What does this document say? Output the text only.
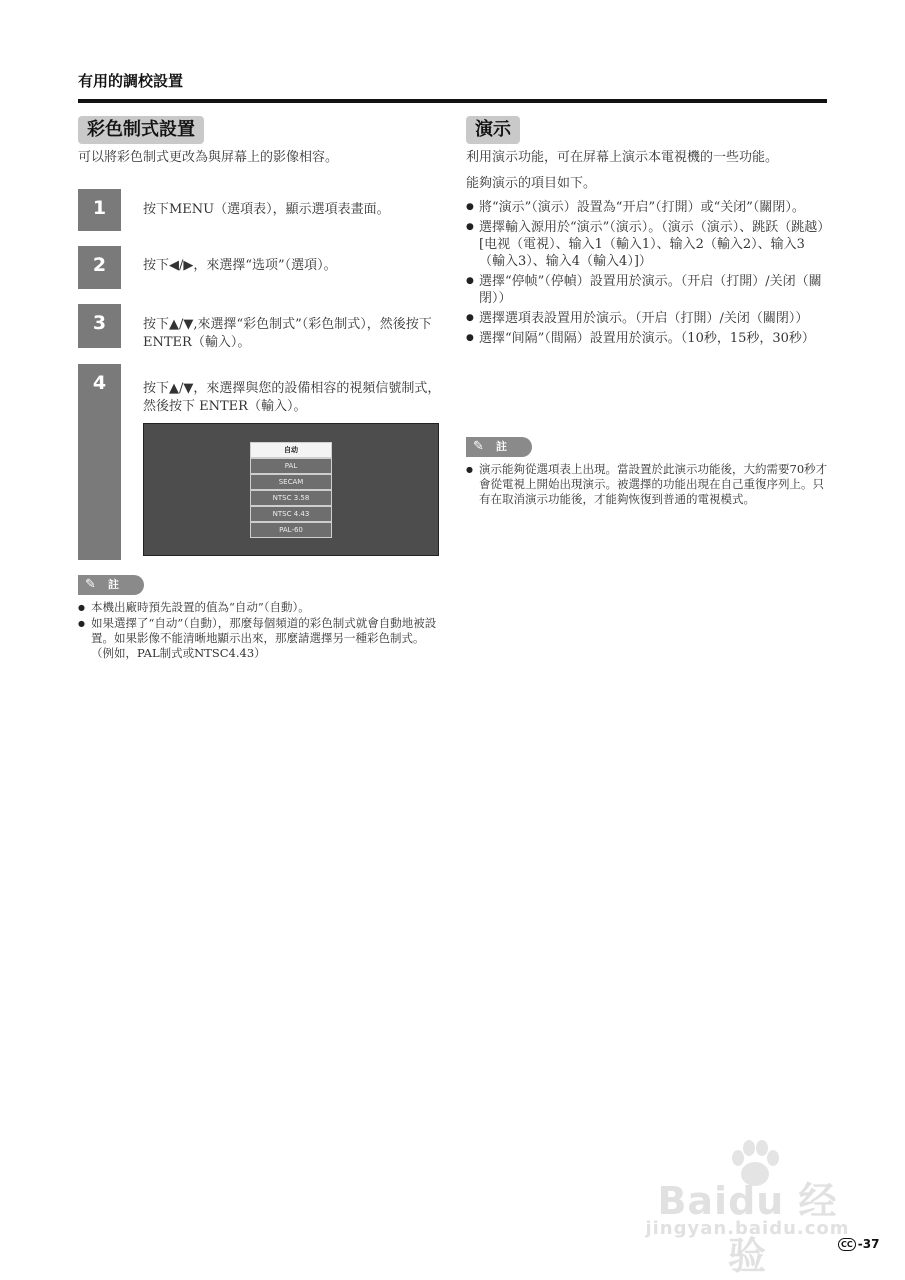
有用的調校設置
彩色制式設置
可以將彩色制式更改為與屏幕上的影像相容。
1	按下MENU（選項表），顯示選項表畫面。
2	按下◀/▶，來選擇“选项”（選項）。
3	按下▲/▼,來選擇“彩色制式”（彩色制式），然後按下 ENTER（輸入）。
4	按下▲/▼，來選擇與您的設備相容的視頻信號制式，然後按下 ENTER（輸入）。
自动
PAL
SECAM
NTSC 3.58
NTSC 4.43
PAL-60
✎ 註
● 本機出廠時預先設置的值為“自动”（自動）。
● 如果選擇了“自动”（自動），那麼每個頻道的彩色制式就會自動地被設置。如果影像不能清晰地顯示出來，那麼請選擇另一種彩色制式。（例如，PAL制式或NTSC4.43）
演示
利用演示功能，可在屏幕上演示本電視機的一些功能。
能夠演示的項目如下。
● 將“演示”（演示）設置為“开启”（打開）或“关闭”（關閉）。
● 選擇輸入源用於“演示”（演示）。（演示（演示）、跳跃（跳越）[电视（電視）、输入1（輸入1）、输入2（輸入2）、输入3（輸入3）、输入4（輸入4）]）
● 選擇“停帧”（停幀）設置用於演示。（开启（打開）/关闭（關閉））
● 選擇選項表設置用於演示。（开启（打開）/关闭（關閉））
● 選擇“间隔”（間隔）設置用於演示。（10秒，15秒，30秒）
✎ 註
● 演示能夠從選項表上出現。當設置於此演示功能後，大約需要70秒才會從電視上開始出現演示。被選擇的功能出現在自己重復序列上。只有在取消演示功能後，才能夠恢復到普通的電視模式。
Baidu 经验
jingyan.baidu.com
CC -37
